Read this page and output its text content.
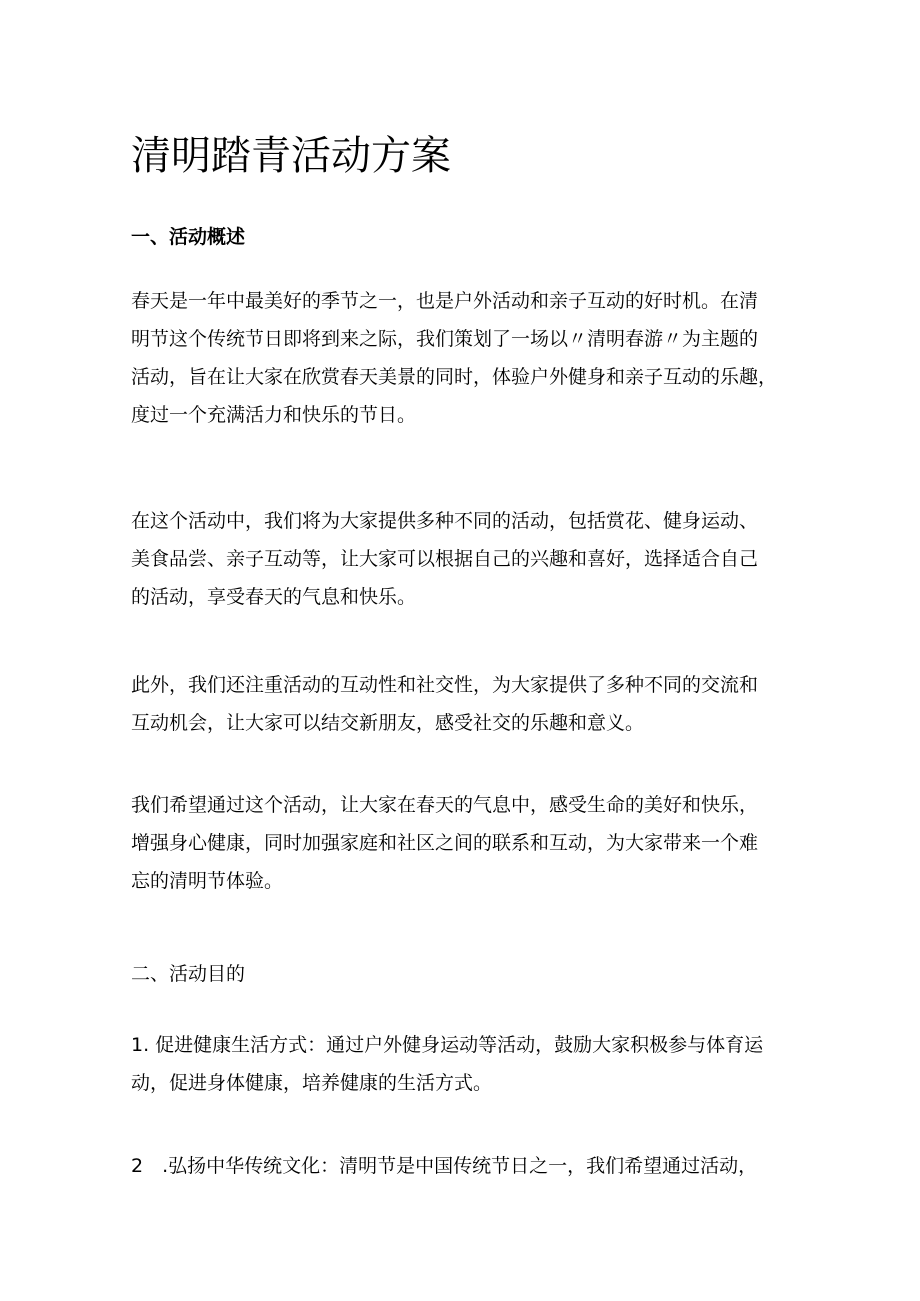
清明踏青活动方案
一、活动概述

春天是一年中最美好的季节之一，也是户外活动和亲子互动的好时机。在清
明节这个传统节日即将到来之际，我们策划了一场以〃清明春游〃为主题的
活动，旨在让大家在欣赏春天美景的同时，体验户外健身和亲子互动的乐趣，
度过一个充满活力和快乐的节日。

在这个活动中，我们将为大家提供多种不同的活动，包括赏花、健身运动、
美食品尝、亲子互动等，让大家可以根据自己的兴趣和喜好，选择适合自己
的活动，享受春天的气息和快乐。

此外，我们还注重活动的互动性和社交性，为大家提供了多种不同的交流和
互动机会，让大家可以结交新朋友，感受社交的乐趣和意义。

我们希望通过这个活动，让大家在春天的气息中，感受生命的美好和快乐，
增强身心健康，同时加强家庭和社区之间的联系和互动，为大家带来一个难
忘的清明节体验。

二、活动目的

1. 促进健康生活方式：通过户外健身运动等活动，鼓励大家积极参与体育运
动，促进身体健康，培养健康的生活方式。

2　.弘扬中华传统文化：清明节是中国传统节日之一，我们希望通过活动，
